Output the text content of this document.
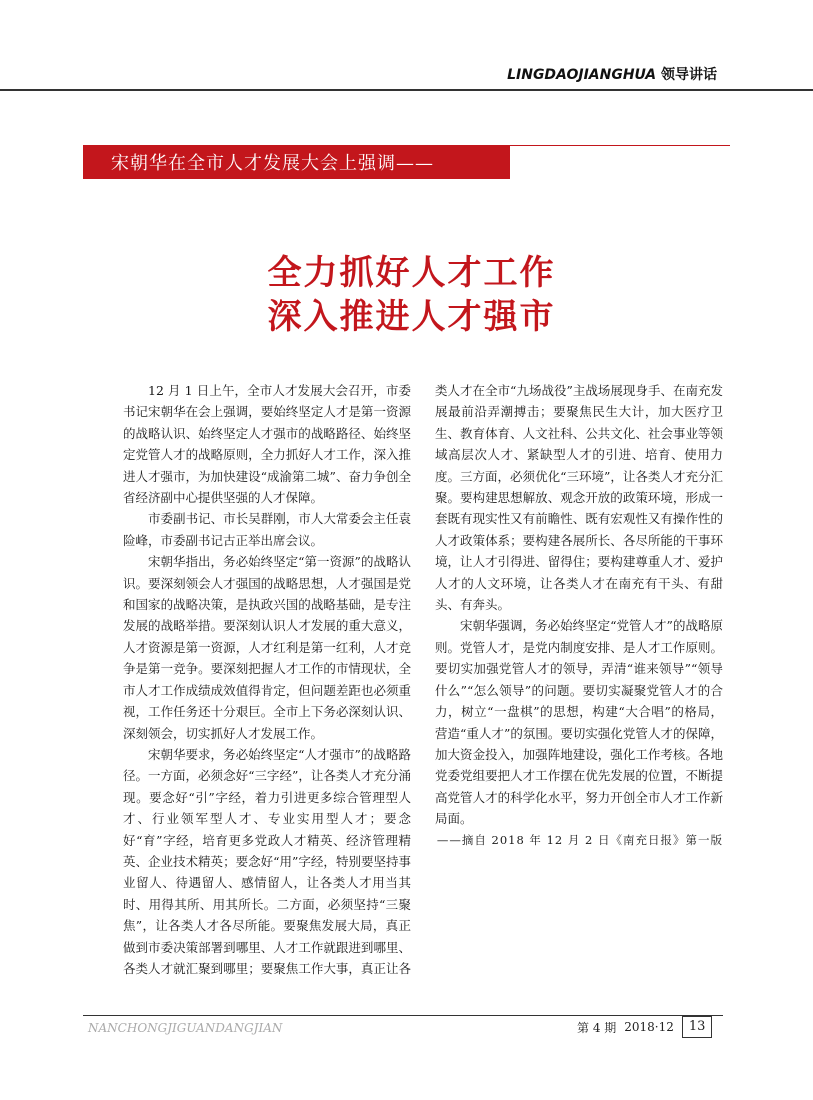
LINGDAOJIANGHUA 领导讲话
宋朝华在全市人才发展大会上强调——
全力抓好人才工作
深入推进人才强市

12 月 1 日上午，全市人才发展大会召开，市委书记宋朝华在会上强调，要始终坚定人才是第一资源的战略认识、始终坚定人才强市的战略路径、始终坚定党管人才的战略原则，全力抓好人才工作，深入推进人才强市，为加快建设“成渝第二城”、奋力争创全省经济副中心提供坚强的人才保障。

市委副书记、市长吴群刚，市人大常委会主任袁险峰，市委副书记古正举出席会议。

宋朝华指出，务必始终坚定“第一资源”的战略认识。要深刻领会人才强国的战略思想，人才强国是党和国家的战略决策，是执政兴国的战略基础，是专注发展的战略举措。要深刻认识人才发展的重大意义，人才资源是第一资源，人才红利是第一红利，人才竞争是第一竞争。要深刻把握人才工作的市情现状，全市人才工作成绩成效值得肯定，但问题差距也必须重视，工作任务还十分艰巨。全市上下务必深刻认识、深刻领会，切实抓好人才发展工作。

宋朝华要求，务必始终坚定“人才强市”的战略路径。一方面，必须念好“三字经”，让各类人才充分涌现。要念好“引”字经，着力引进更多综合管理型人才、行业领军型人才、专业实用型人才；要念好“育”字经，培育更多党政人才精英、经济管理精英、企业技术精英；要念好“用”字经，特别要坚持事业留人、待遇留人、感情留人，让各类人才用当其时、用得其所、用其所长。二方面，必须坚持“三聚焦”，让各类人才各尽所能。要聚焦发展大局，真正做到市委决策部署到哪里、人才工作就跟进到哪里、各类人才就汇聚到哪里；要聚焦工作大事，真正让各类人才在全市“九场战役”主战场展现身手、在南充发展最前沿弄潮搏击；要聚焦民生大计，加大医疗卫生、教育体育、人文社科、公共文化、社会事业等领域高层次人才、紧缺型人才的引进、培育、使用力度。三方面，必须优化“三环境”，让各类人才充分汇聚。要构建思想解放、观念开放的政策环境，形成一套既有现实性又有前瞻性、既有宏观性又有操作性的人才政策体系；要构建各展所长、各尽所能的干事环境，让人才引得进、留得住；要构建尊重人才、爱护人才的人文环境，让各类人才在南充有干头、有甜头、有奔头。

宋朝华强调，务必始终坚定“党管人才”的战略原则。党管人才，是党内制度安排、是人才工作原则。要切实加强党管人才的领导，弄清“谁来领导”“领导什么”“怎么领导”的问题。要切实凝聚党管人才的合力，树立“一盘棋”的思想，构建“大合唱”的格局，营造“重人才”的氛围。要切实强化党管人才的保障，加大资金投入，加强阵地建设，强化工作考核。各地党委党组要把人才工作摆在优先发展的位置，不断提高党管人才的科学化水平，努力开创全市人才工作新局面。

——摘自 2018 年 12 月 2 日《南充日报》第一版

NANCHONGJIGUANDANGJIAN	第 4 期 2018·12	13
